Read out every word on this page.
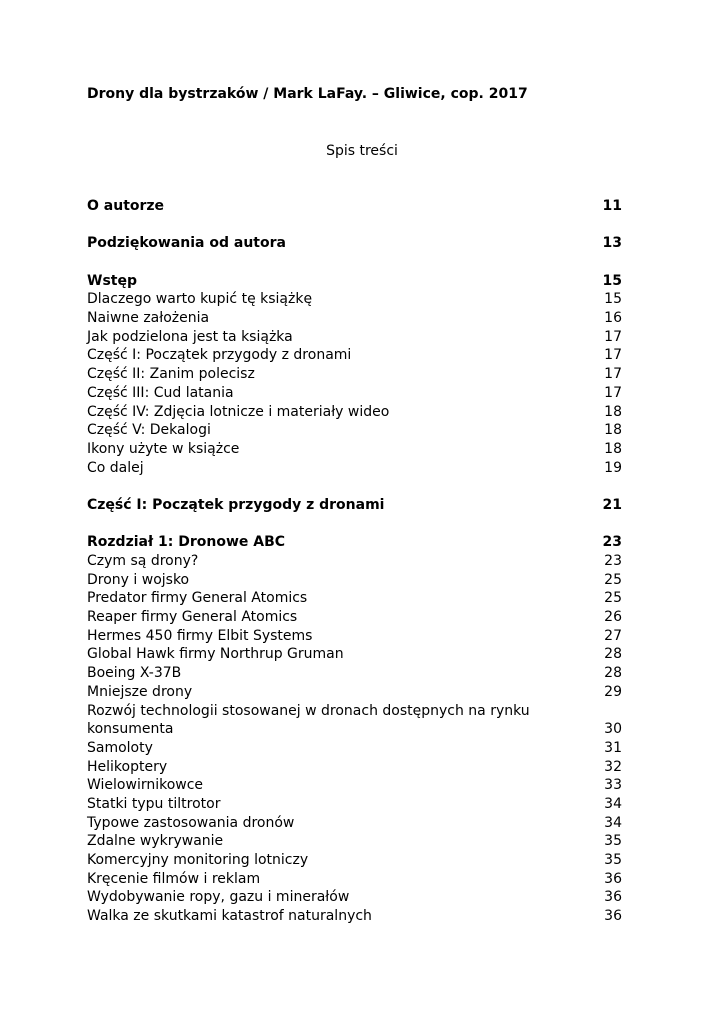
Drony dla bystrzaków / Mark LaFay. – Gliwice, cop. 2017
Spis treści
O autorze	11
Podziękowania od autora	13
Wstęp	15
Dlaczego warto kupić tę książkę	15
Naiwne założenia	16
Jak podzielona jest ta książka	17
Część I: Początek przygody z dronami	17
Część II: Zanim polecisz	17
Część III: Cud latania	17
Część IV: Zdjęcia lotnicze i materiały wideo	18
Część V: Dekalogi	18
Ikony użyte w książce	18
Co dalej	19
Część I: Początek przygody z dronami	21
Rozdział 1: Dronowe ABC	23
Czym są drony?	23
Drony i wojsko	25
Predator firmy General Atomics	25
Reaper firmy General Atomics	26
Hermes 450 firmy Elbit Systems	27
Global Hawk firmy Northrup Gruman	28
Boeing X-37B	28
Mniejsze drony	29
Rozwój technologii stosowanej w dronach dostępnych na rynku
konsumenta	30
Samoloty	31
Helikoptery	32
Wielowirnikowce	33
Statki typu tiltrotor	34
Typowe zastosowania dronów	34
Zdalne wykrywanie	35
Komercyjny monitoring lotniczy	35
Kręcenie filmów i reklam	36
Wydobywanie ropy, gazu i minerałów	36
Walka ze skutkami katastrof naturalnych	36
